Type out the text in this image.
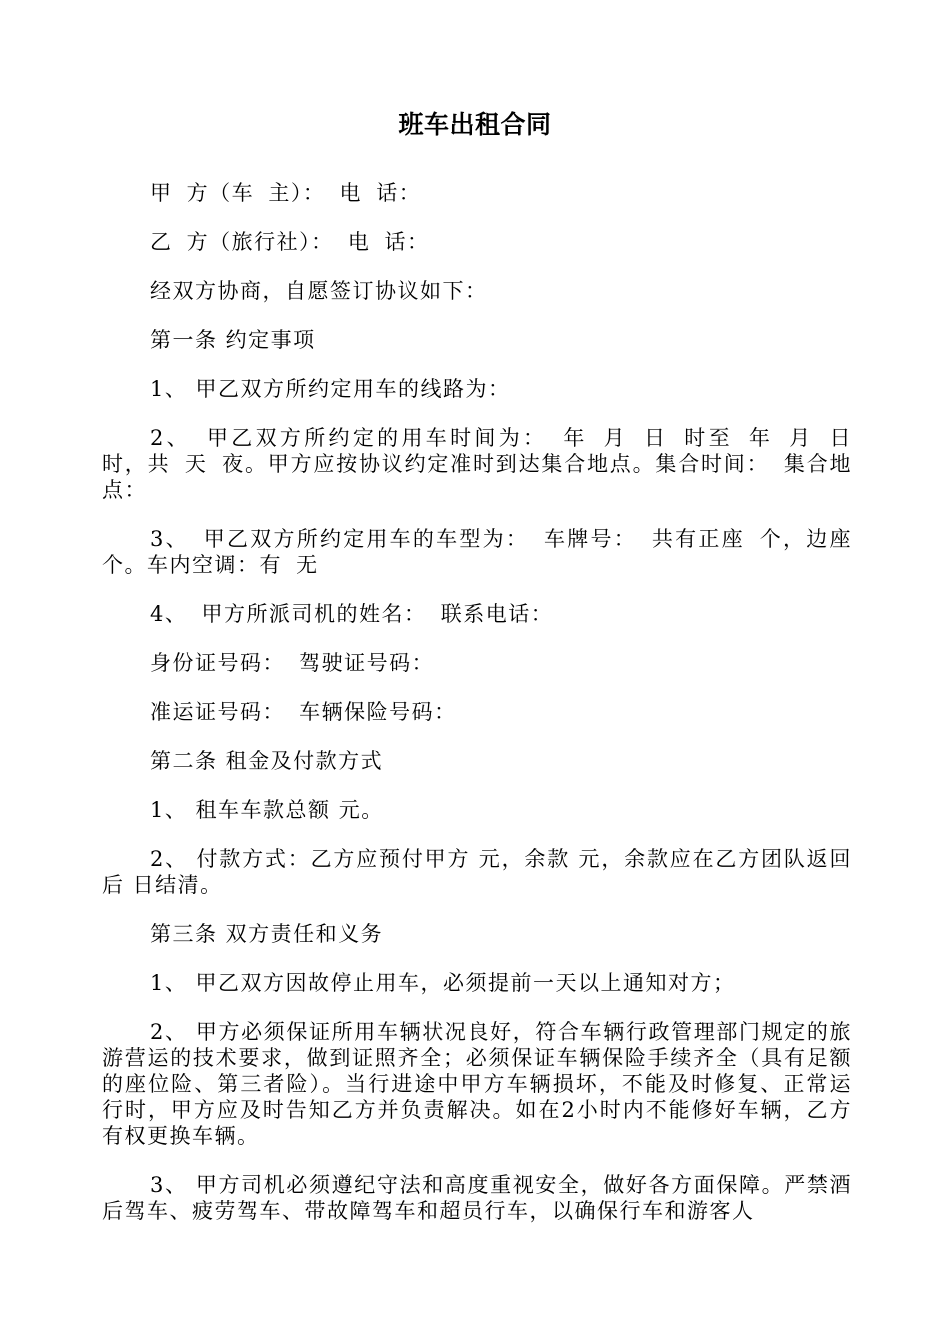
班车出租合同

甲 方（车 主）： 电 话：

乙 方（旅行社）： 电 话：

经双方协商，自愿签订协议如下：

第一条 约定事项

1、 甲乙双方所约定用车的线路为：

2、 甲乙双方所约定的用车时间为： 年 月 日 时至 年 月 日 时，共 天 夜。甲方应按协议约定准时到达集合地点。集合时间： 集合地点：

3、 甲乙双方所约定用车的车型为： 车牌号： 共有正座 个，边座 个。车内空调：有 无

4、 甲方所派司机的姓名： 联系电话：

身份证号码： 驾驶证号码：

准运证号码： 车辆保险号码：

第二条 租金及付款方式

1、 租车车款总额 元。

2、 付款方式：乙方应预付甲方 元，余款 元，余款应在乙方团队返回后 日结清。

第三条 双方责任和义务

1、 甲乙双方因故停止用车，必须提前一天以上通知对方；

2、 甲方必须保证所用车辆状况良好，符合车辆行政管理部门规定的旅游营运的技术要求，做到证照齐全；必须保证车辆保险手续齐全（具有足额的座位险、第三者险）。当行进途中甲方车辆损坏，不能及时修复、正常运行时，甲方应及时告知乙方并负责解决。如在2小时内不能修好车辆，乙方有权更换车辆。

3、 甲方司机必须遵纪守法和高度重视安全，做好各方面保障。严禁酒后驾车、疲劳驾车、带故障驾车和超员行车，以确保行车和游客人
